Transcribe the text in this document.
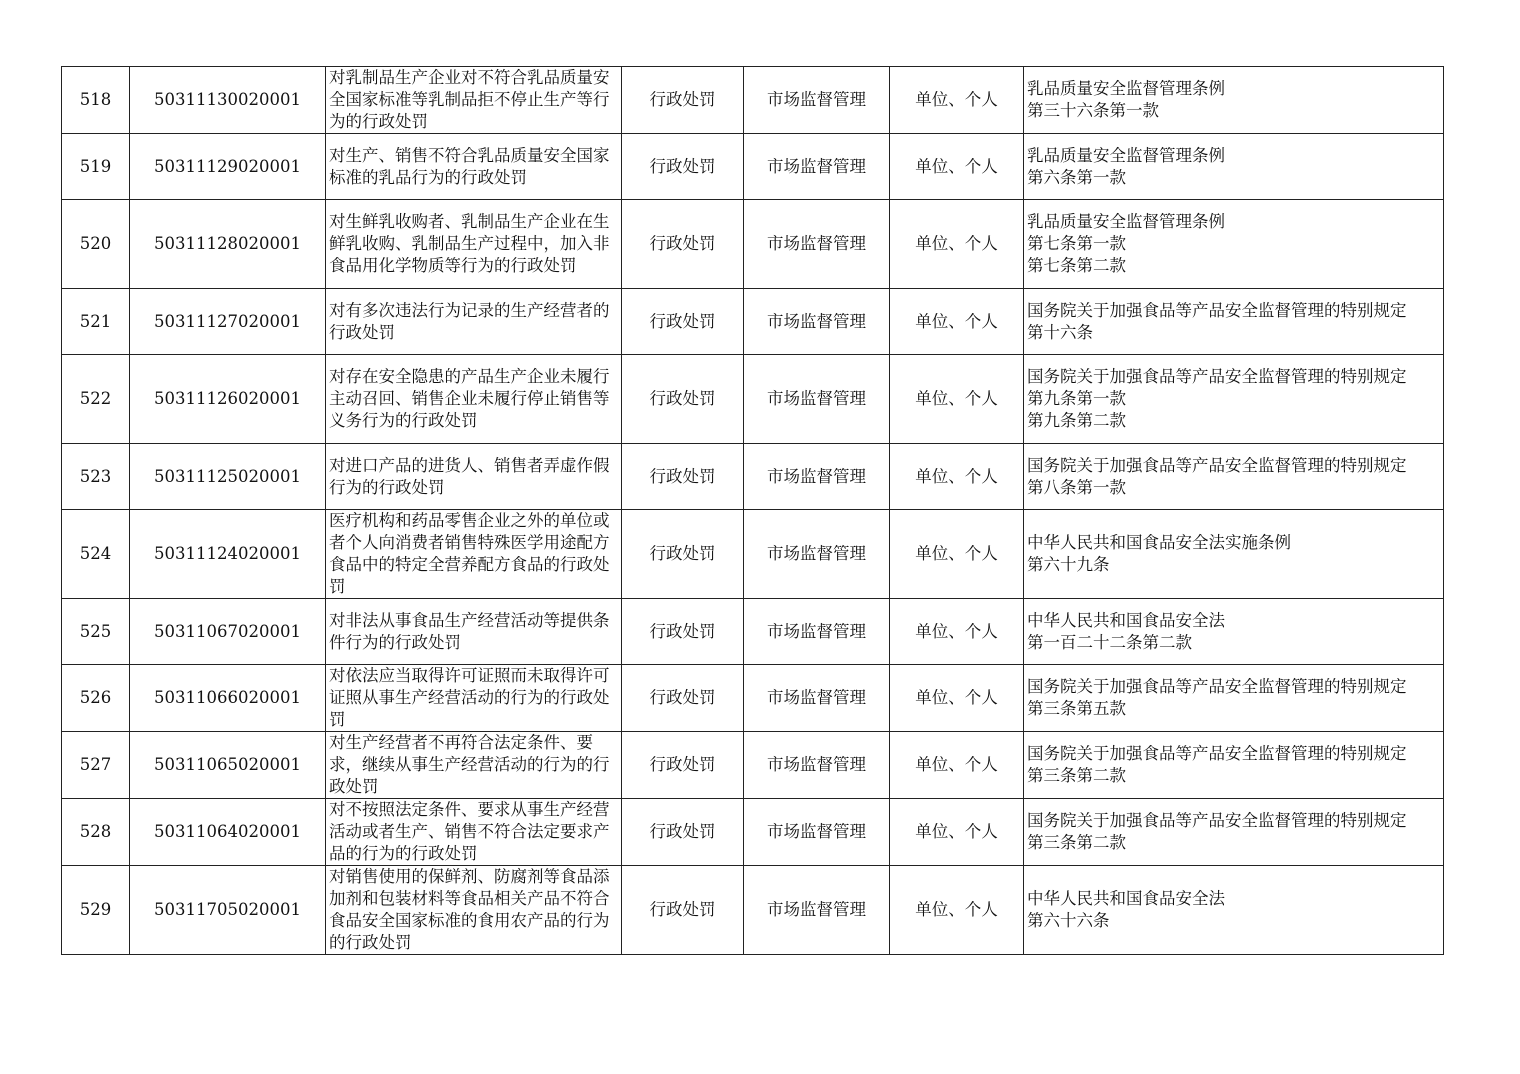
518	50311130020001	对乳制品生产企业对不符合乳品质量安全国家标准等乳制品拒不停止生产等行为的行政处罚	行政处罚	市场监督管理	单位、个人	乳品质量安全监督管理条例
第三十六条第一款

519	50311129020001	对生产、销售不符合乳品质量安全国家标准的乳品行为的行政处罚	行政处罚	市场监督管理	单位、个人	乳品质量安全监督管理条例
第六条第一款

520	50311128020001	对生鲜乳收购者、乳制品生产企业在生鲜乳收购、乳制品生产过程中，加入非食品用化学物质等行为的行政处罚	行政处罚	市场监督管理	单位、个人	乳品质量安全监督管理条例
第七条第一款
第七条第二款

521	50311127020001	对有多次违法行为记录的生产经营者的行政处罚	行政处罚	市场监督管理	单位、个人	国务院关于加强食品等产品安全监督管理的特别规定
第十六条

522	50311126020001	对存在安全隐患的产品生产企业未履行主动召回、销售企业未履行停止销售等义务行为的行政处罚	行政处罚	市场监督管理	单位、个人	国务院关于加强食品等产品安全监督管理的特别规定
第九条第一款
第九条第二款

523	50311125020001	对进口产品的进货人、销售者弄虚作假行为的行政处罚	行政处罚	市场监督管理	单位、个人	国务院关于加强食品等产品安全监督管理的特别规定
第八条第一款

524	50311124020001	医疗机构和药品零售企业之外的单位或者个人向消费者销售特殊医学用途配方食品中的特定全营养配方食品的行政处罚	行政处罚	市场监督管理	单位、个人	中华人民共和国食品安全法实施条例
第六十九条

525	50311067020001	对非法从事食品生产经营活动等提供条件行为的行政处罚	行政处罚	市场监督管理	单位、个人	中华人民共和国食品安全法
第一百二十二条第二款

526	50311066020001	对依法应当取得许可证照而未取得许可证照从事生产经营活动的行为的行政处罚	行政处罚	市场监督管理	单位、个人	国务院关于加强食品等产品安全监督管理的特别规定
第三条第五款

527	50311065020001	对生产经营者不再符合法定条件、要求，继续从事生产经营活动的行为的行政处罚	行政处罚	市场监督管理	单位、个人	国务院关于加强食品等产品安全监督管理的特别规定
第三条第二款

528	50311064020001	对不按照法定条件、要求从事生产经营活动或者生产、销售不符合法定要求产品的行为的行政处罚	行政处罚	市场监督管理	单位、个人	国务院关于加强食品等产品安全监督管理的特别规定
第三条第二款

529	50311705020001	对销售使用的保鲜剂、防腐剂等食品添加剂和包装材料等食品相关产品不符合食品安全国家标准的食用农产品的行为的行政处罚	行政处罚	市场监督管理	单位、个人	中华人民共和国食品安全法
第六十六条
